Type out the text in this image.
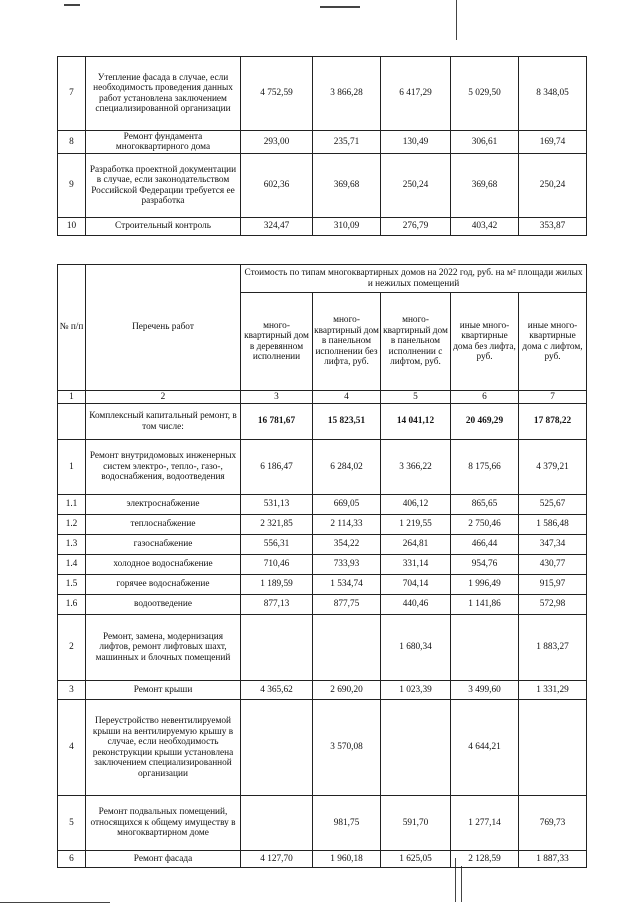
7	Утепление фасада в случае, если необходимость проведения данных работ установлена заключением специализированной организации	4 752,59	3 866,28	6 417,29	5 029,50	8 348,05
8	Ремонт фундамента многоквартирного дома	293,00	235,71	130,49	306,61	169,74
9	Разработка проектной документации в случае, если законодательством Российской Федерации требуется ее разработка	602,36	369,68	250,24	369,68	250,24
10	Строительный контроль	324,47	310,09	276,79	403,42	353,87
№ п/п	Перечень работ	Стоимость по типам многоквартирных домов на 2022 год, руб. на м² площади жилых и нежилых помещений				
		много-квартирный дом в деревянном исполнении	много-квартирный дом в панельном исполнении без лифта, руб.	много-квартирный дом в панельном исполнении с лифтом, руб.	иные много-квартирные дома без лифта, руб.	иные много-квартирные дома с лифтом, руб.
1	2	3	4	5	6	7
	Комплексный капитальный ремонт, в том числе:	16 781,67	15 823,51	14 041,12	20 469,29	17 878,22
1	Ремонт внутридомовых инженерных систем электро-, тепло-, газо-, водоснабжения, водоотведения	6 186,47	6 284,02	3 366,22	8 175,66	4 379,21
1.1	электроснабжение	531,13	669,05	406,12	865,65	525,67
1.2	теплоснабжение	2 321,85	2 114,33	1 219,55	2 750,46	1 586,48
1.3	газоснабжение	556,31	354,22	264,81	466,44	347,34
1.4	холодное водоснабжение	710,46	733,93	331,14	954,76	430,77
1.5	горячее водоснабжение	1 189,59	1 534,74	704,14	1 996,49	915,97
1.6	водоотведение	877,13	877,75	440,46	1 141,86	572,98
2	Ремонт, замена, модернизация лифтов, ремонт лифтовых шахт, машинных и блочных помещений			1 680,34		1 883,27
3	Ремонт крыши	4 365,62	2 690,20	1 023,39	3 499,60	1 331,29
4	Переустройство невентилируемой крыши на вентилируемую крышу в случае, если необходимость реконструкции крыши установлена заключением специализированной организации		3 570,08		4 644,21	
5	Ремонт подвальных помещений, относящихся к общему имуществу в многоквартирном доме		981,75	591,70	1 277,14	769,73
6	Ремонт фасада	4 127,70	1 960,18	1 625,05	2 128,59	1 887,33
